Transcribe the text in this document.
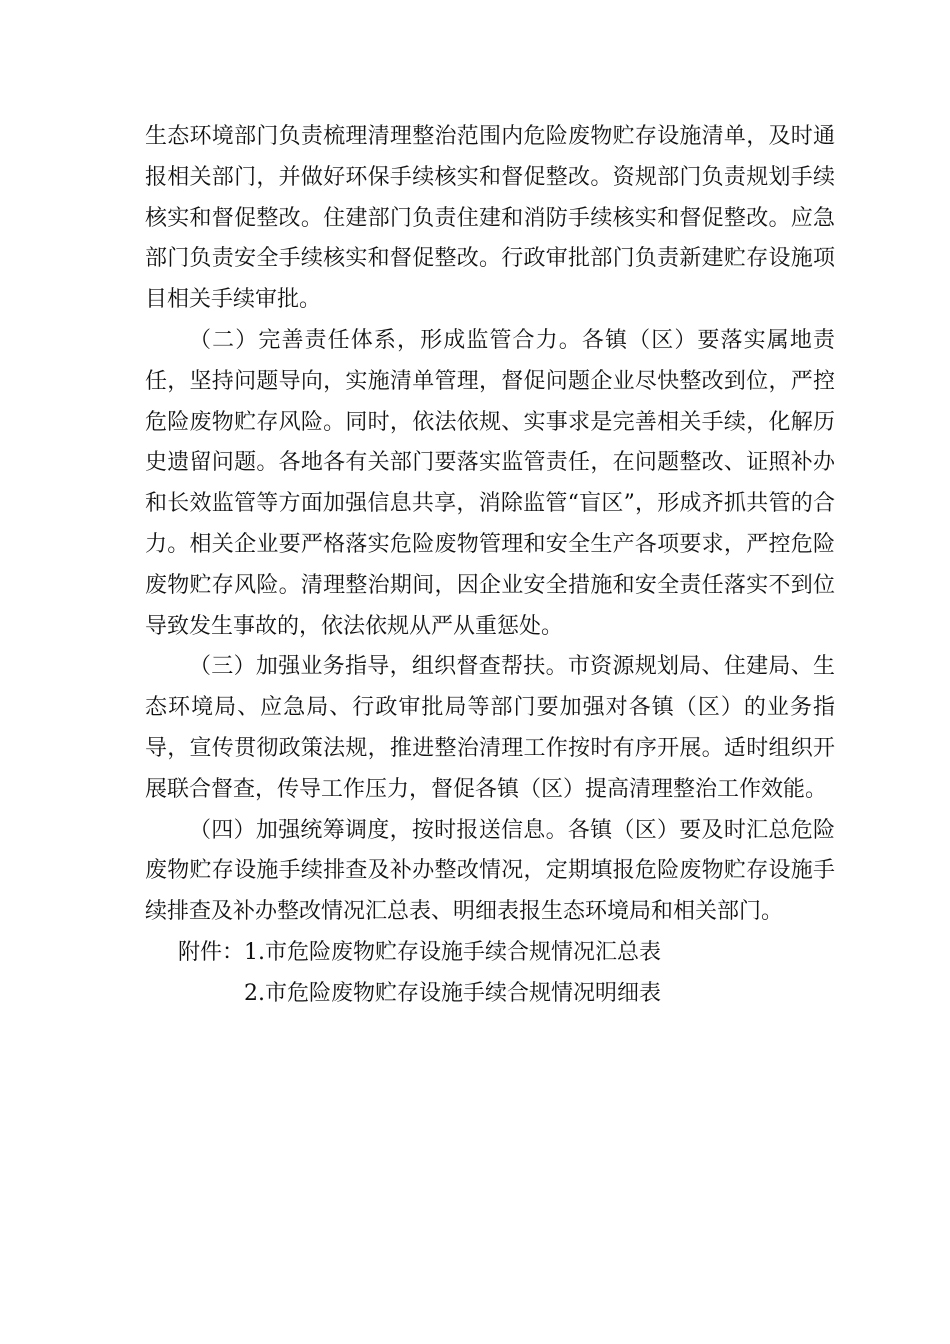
生态环境部门负责梳理清理整治范围内危险废物贮存设施清单，及时通报相关部门，并做好环保手续核实和督促整改。资规部门负责规划手续核实和督促整改。住建部门负责住建和消防手续核实和督促整改。应急部门负责安全手续核实和督促整改。行政审批部门负责新建贮存设施项目相关手续审批。

（二）完善责任体系，形成监管合力。各镇（区）要落实属地责任，坚持问题导向，实施清单管理，督促问题企业尽快整改到位，严控危险废物贮存风险。同时，依法依规、实事求是完善相关手续，化解历史遗留问题。各地各有关部门要落实监管责任，在问题整改、证照补办和长效监管等方面加强信息共享，消除监管“盲区”，形成齐抓共管的合力。相关企业要严格落实危险废物管理和安全生产各项要求，严控危险废物贮存风险。清理整治期间，因企业安全措施和安全责任落实不到位导致发生事故的，依法依规从严从重惩处。

（三）加强业务指导，组织督查帮扶。市资源规划局、住建局、生态环境局、应急局、行政审批局等部门要加强对各镇（区）的业务指导，宣传贯彻政策法规，推进整治清理工作按时有序开展。适时组织开展联合督查，传导工作压力，督促各镇（区）提高清理整治工作效能。

（四）加强统筹调度，按时报送信息。各镇（区）要及时汇总危险废物贮存设施手续排查及补办整改情况，定期填报危险废物贮存设施手续排查及补办整改情况汇总表、明细表报生态环境局和相关部门。

附件：1.市危险废物贮存设施手续合规情况汇总表
2.市危险废物贮存设施手续合规情况明细表
